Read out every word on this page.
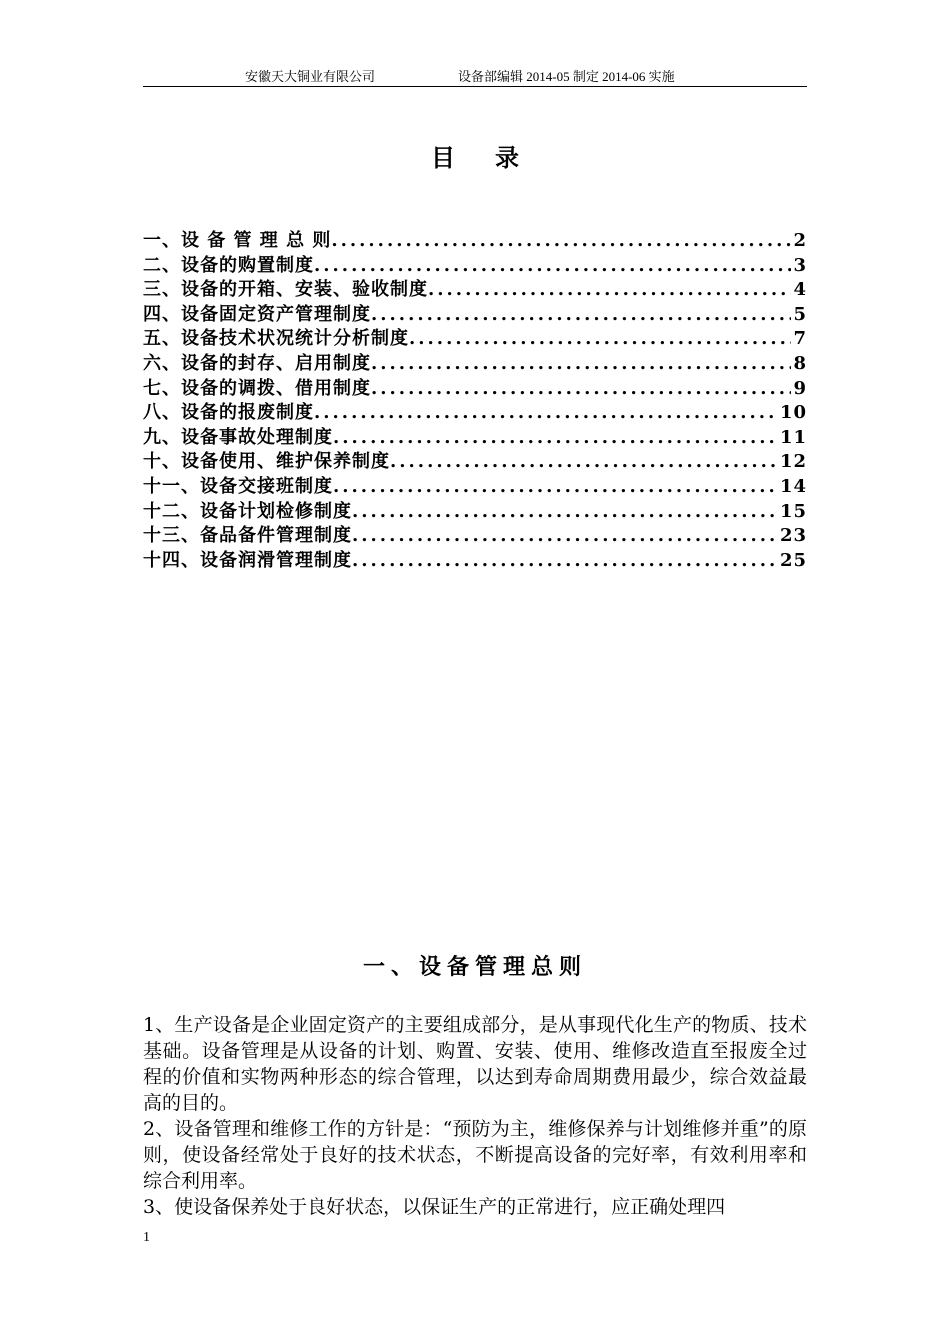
安徽天大铜业有限公司	设备部编辑 2014-05 制定 2014-06 实施
目 录
一、设 备 管 理 总 则 .....	2
二、设备的购置制度 .....	3
三、设备的开箱、安装、验收制度 .....	4
四、设备固定资产管理制度 .....	5
五、设备技术状况统计分析制度 .....	7
六、设备的封存、启用制度 .....	8
七、设备的调拨、借用制度 .....	9
八、设备的报废制度 .....	10
九、设备事故处理制度 .....	11
十、设备使用、维护保养制度 .....	12
十一、设备交接班制度 .....	14
十二、设备计划检修制度 .....	15
十三、备品备件管理制度 .....	23
十四、设备润滑管理制度 .....	25
一、设备管理总则

1、生产设备是企业固定资产的主要组成部分，是从事现代化生产的物质、技术基础。设备管理是从设备的计划、购置、安装、使用、维修改造直至报废全过程的价值和实物两种形态的综合管理，以达到寿命周期费用最少，综合效益最高的目的。

2、设备管理和维修工作的方针是：“预防为主，维修保养与计划维修并重”的原则，使设备经常处于良好的技术状态，不断提高设备的完好率，有效利用率和综合利用率。

3、使设备保养处于良好状态，以保证生产的正常进行，应正确处理四

1
